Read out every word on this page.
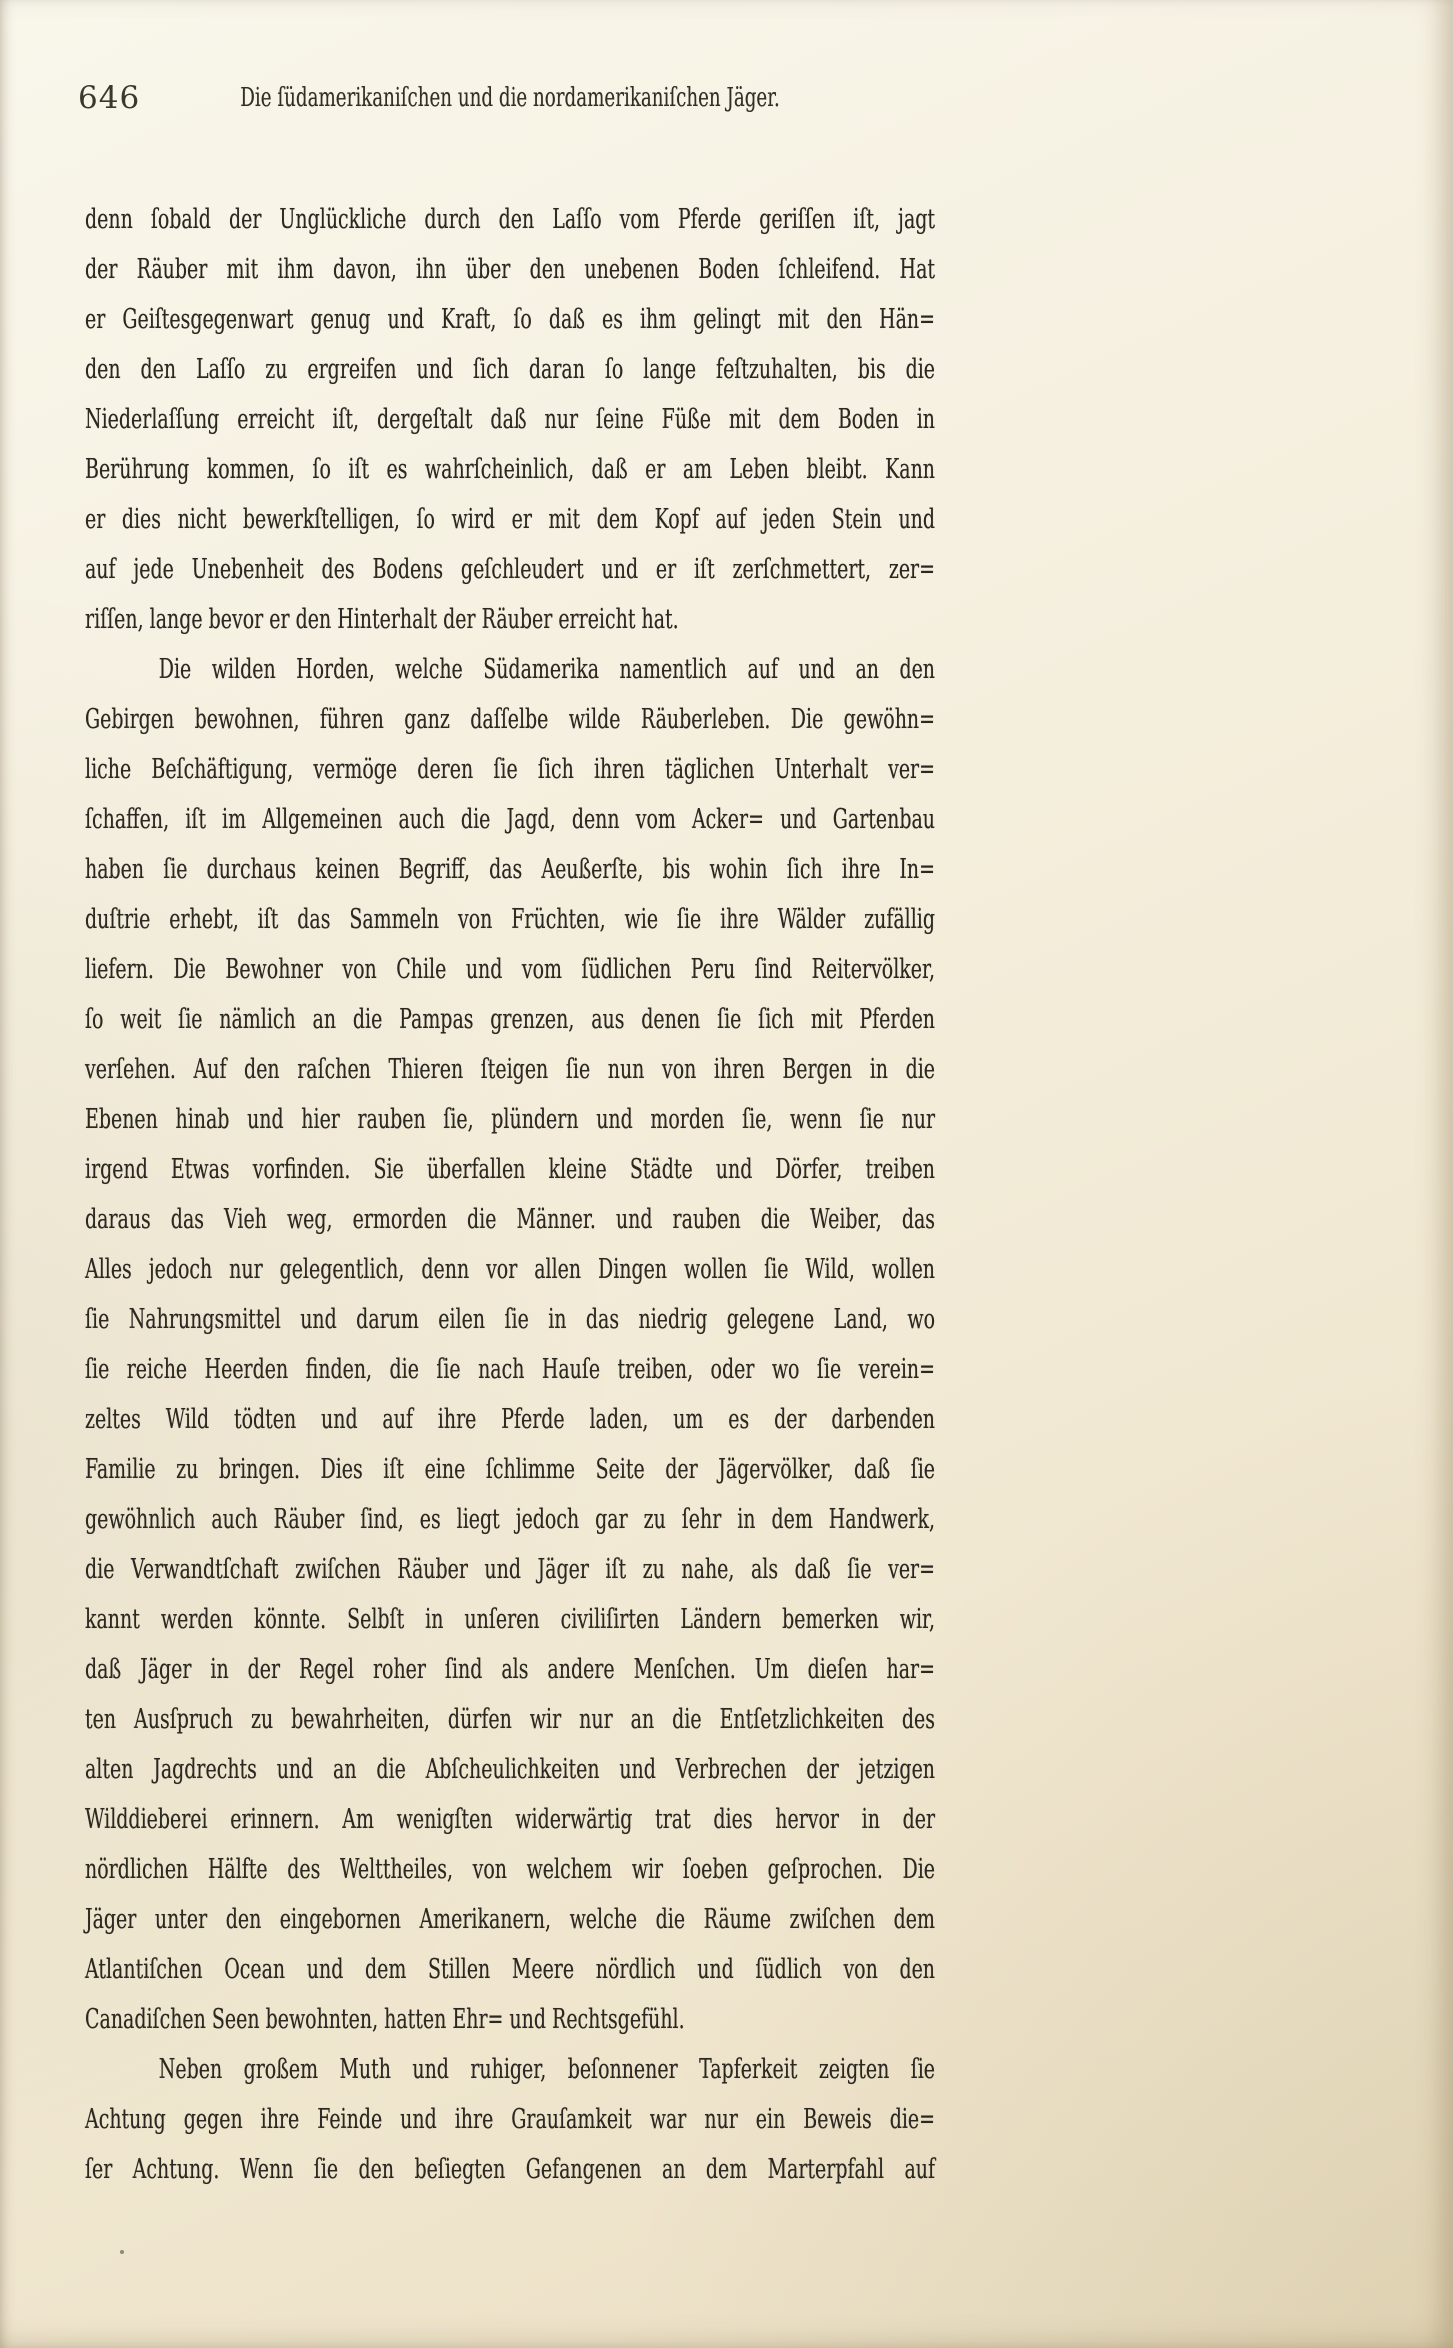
646	Die ſüdamerikaniſchen und die nordamerikaniſchen Jäger.
denn ſobald der Unglückliche durch den Laſſo vom Pferde geriſſen iſt, jagt
der Räuber mit ihm davon, ihn über den unebenen Boden ſchleifend. Hat
er Geiſtesgegenwart genug und Kraft, ſo daß es ihm gelingt mit den Hän=
den den Laſſo zu ergreifen und ſich daran ſo lange feſtzuhalten, bis die
Niederlaſſung erreicht iſt, dergeſtalt daß nur ſeine Füße mit dem Boden in
Berührung kommen, ſo iſt es wahrſcheinlich, daß er am Leben bleibt. Kann
er dies nicht bewerkſtelligen, ſo wird er mit dem Kopf auf jeden Stein und
auf jede Unebenheit des Bodens geſchleudert und er iſt zerſchmettert, zer=
riſſen, lange bevor er den Hinterhalt der Räuber erreicht hat.
Die wilden Horden, welche Südamerika namentlich auf und an den
Gebirgen bewohnen, führen ganz daſſelbe wilde Räuberleben. Die gewöhn=
liche Beſchäftigung, vermöge deren ſie ſich ihren täglichen Unterhalt ver=
ſchaffen, iſt im Allgemeinen auch die Jagd, denn vom Acker= und Gartenbau
haben ſie durchaus keinen Begriff, das Aeußerſte, bis wohin ſich ihre In=
duſtrie erhebt, iſt das Sammeln von Früchten, wie ſie ihre Wälder zufällig
liefern. Die Bewohner von Chile und vom ſüdlichen Peru ſind Reitervölker,
ſo weit ſie nämlich an die Pampas grenzen, aus denen ſie ſich mit Pferden
verſehen. Auf den raſchen Thieren ſteigen ſie nun von ihren Bergen in die
Ebenen hinab und hier rauben ſie, plündern und morden ſie, wenn ſie nur
irgend Etwas vorfinden. Sie überfallen kleine Städte und Dörfer, treiben
daraus das Vieh weg, ermorden die Männer. und rauben die Weiber, das
Alles jedoch nur gelegentlich, denn vor allen Dingen wollen ſie Wild, wollen
ſie Nahrungsmittel und darum eilen ſie in das niedrig gelegene Land, wo
ſie reiche Heerden finden, die ſie nach Hauſe treiben, oder wo ſie verein=
zeltes Wild tödten und auf ihre Pferde laden, um es der darbenden
Familie zu bringen. Dies iſt eine ſchlimme Seite der Jägervölker, daß ſie
gewöhnlich auch Räuber ſind, es liegt jedoch gar zu ſehr in dem Handwerk,
die Verwandtſchaft zwiſchen Räuber und Jäger iſt zu nahe, als daß ſie ver=
kannt werden könnte. Selbſt in unſeren civiliſirten Ländern bemerken wir,
daß Jäger in der Regel roher ſind als andere Menſchen. Um dieſen har=
ten Ausſpruch zu bewahrheiten, dürfen wir nur an die Entſetzlichkeiten des
alten Jagdrechts und an die Abſcheulichkeiten und Verbrechen der jetzigen
Wilddieberei erinnern. Am wenigſten widerwärtig trat dies hervor in der
nördlichen Hälfte des Welttheiles, von welchem wir ſoeben geſprochen. Die
Jäger unter den eingebornen Amerikanern, welche die Räume zwiſchen dem
Atlantiſchen Ocean und dem Stillen Meere nördlich und ſüdlich von den
Canadiſchen Seen bewohnten, hatten Ehr= und Rechtsgefühl.
Neben großem Muth und ruhiger, beſonnener Tapferkeit zeigten ſie
Achtung gegen ihre Feinde und ihre Grauſamkeit war nur ein Beweis die=
ſer Achtung. Wenn ſie den beſiegten Gefangenen an dem Marterpfahl auf
